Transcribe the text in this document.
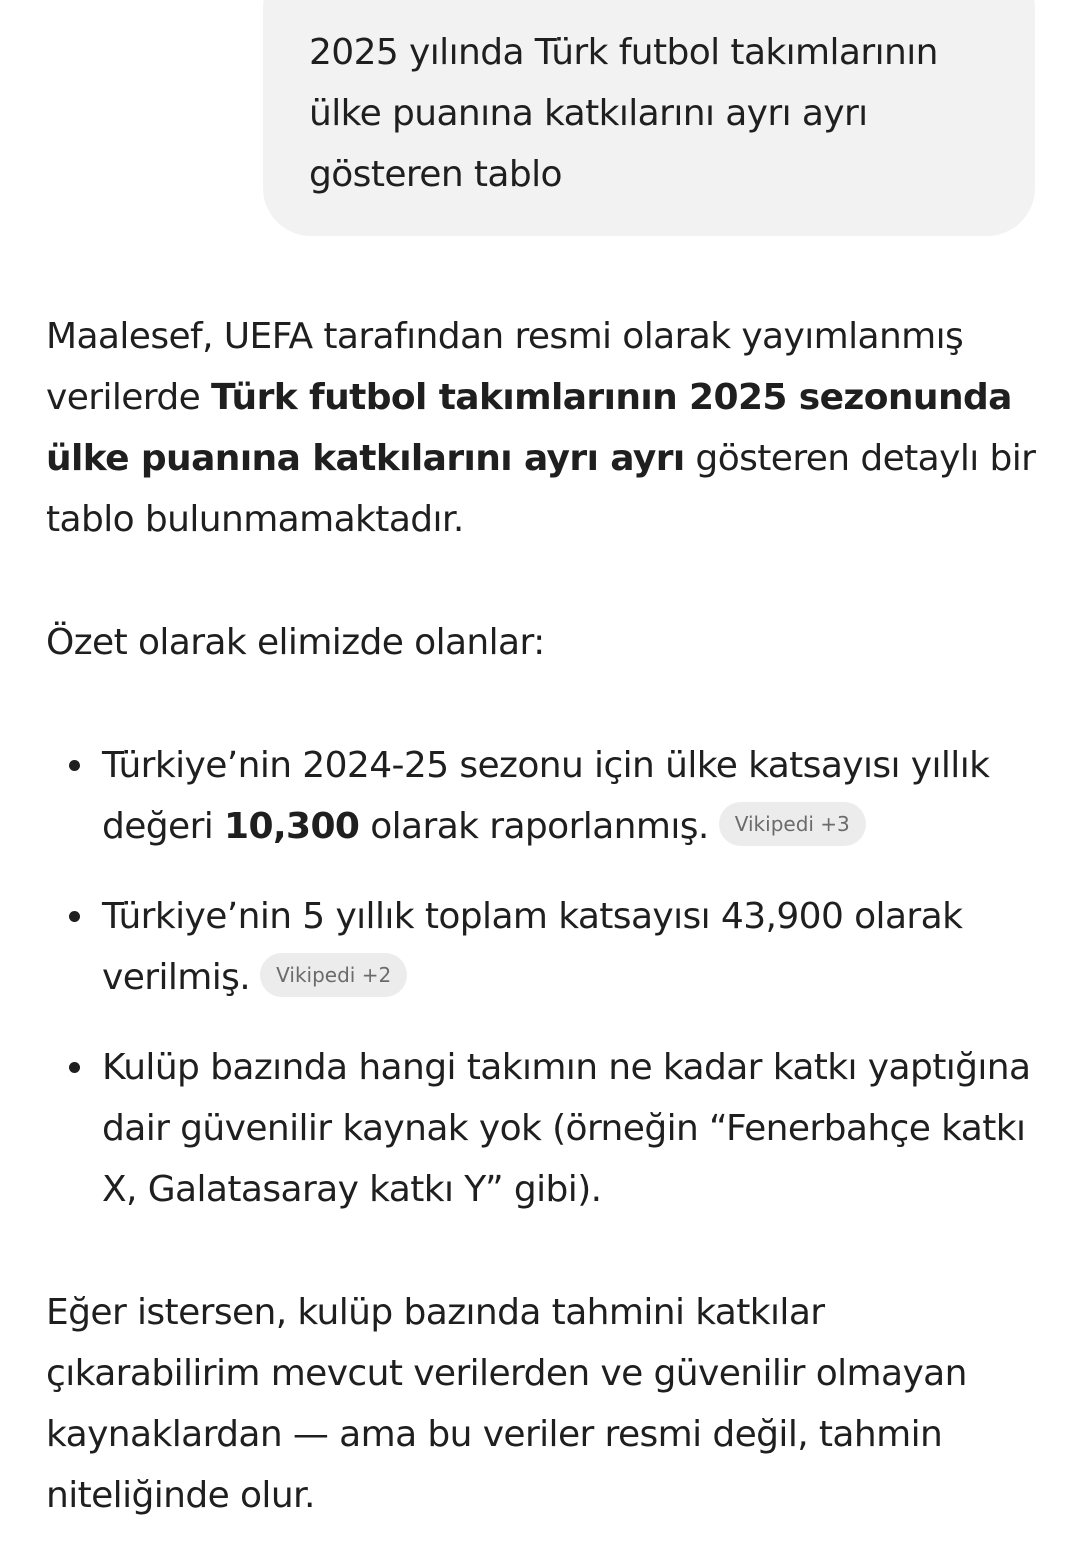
2025 yılında Türk futbol takımlarının
ülke puanına katkılarını ayrı ayrı
gösteren tablo

Maalesef, UEFA tarafından resmi olarak yayımlanmış verilerde Türk futbol takımlarının 2025 sezonunda ülke puanına katkılarını ayrı ayrı gösteren detaylı bir tablo bulunmamaktadır.

Özet olarak elimizde olanlar:

Türkiye’nin 2024-25 sezonu için ülke katsayısı yıllık değeri 10,300 olarak raporlanmış. Vikipedi +3
Türkiye’nin 5 yıllık toplam katsayısı 43,900 olarak verilmiş. Vikipedi +2
Kulüp bazında hangi takımın ne kadar katkı yaptığına dair güvenilir kaynak yok (örneğin “Fenerbahçe katkı X, Galatasaray katkı Y” gibi).

Eğer istersen, kulüp bazında tahmini katkılar çıkarabilirim mevcut verilerden ve güvenilir olmayan kaynaklardan — ama bu veriler resmi değil, tahmin niteliğinde olur.
